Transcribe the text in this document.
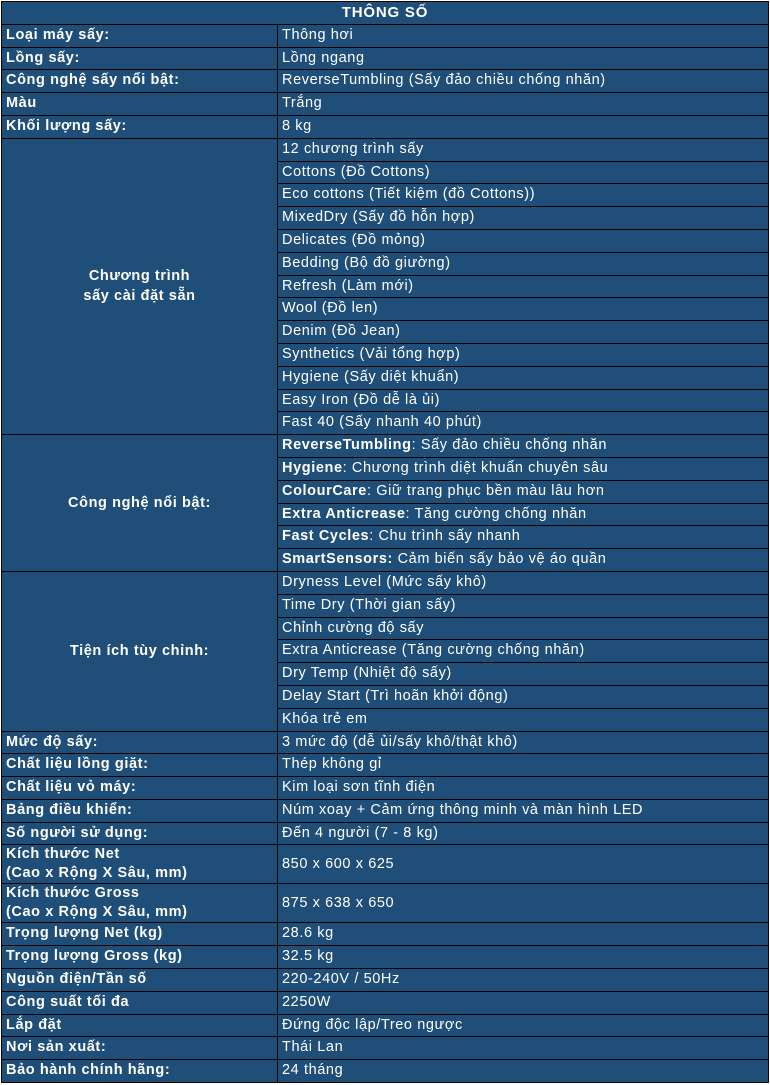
THÔNG SỐ	
Loại máy sấy:	Thông hơi
Lồng sấy:	Lồng ngang
Công nghệ sấy nổi bật:	ReverseTumbling (Sấy đảo chiều chống nhăn)
Màu	Trắng
Khối lượng sấy:	8 kg

Chương trình
sấy cài đặt sẵn	12 chương trình sấy
	Cottons (Đồ Cottons)
	Eco cottons (Tiết kiệm (đồ Cottons))
	MixedDry (Sấy đồ hỗn hợp)
	Delicates (Đồ mỏng)
	Bedding (Bộ đồ giường)
	Refresh (Làm mới)
	Wool (Đồ len)
	Denim (Đồ Jean)
	Synthetics (Vải tổng hợp)
	Hygiene (Sấy diệt khuẩn)
	Easy Iron (Đồ dễ là ủi)
	Fast 40 (Sấy nhanh 40 phút)
Công nghệ nổi bật:	ReverseTumbling: Sấy đảo chiều chống nhăn
	Hygiene: Chương trình diệt khuẩn chuyên sâu
	ColourCare: Giữ trang phục bền màu lâu hơn
	Extra Anticrease: Tăng cường chống nhăn
	Fast Cycles: Chu trình sấy nhanh
	SmartSensors: Cảm biến sấy bảo vệ áo quần
Tiện ích tùy chỉnh:	Dryness Level (Mức sấy khô)
	Time Dry (Thời gian sấy)
	Chỉnh cường độ sấy
	Extra Anticrease (Tăng cường chống nhăn)
	Dry Temp (Nhiệt độ sấy)
	Delay Start (Trì hoãn khởi động)
	Khóa trẻ em
Mức độ sấy:	3 mức độ (dễ ủi/sấy khô/thật khô)
Chất liệu lồng giặt:	Thép không gỉ
Chất liệu vỏ máy:	Kim loại sơn tĩnh điện
Bảng điều khiển:	Núm xoay + Cảm ứng thông minh và màn hình LED
Số người sử dụng:	Đến 4 người (7 - 8 kg)

Kích thước Net
(Cao x Rộng X Sâu, mm)	850 x 600 x 625

Kích thước Gross
(Cao x Rộng X Sâu, mm)	875 x 638 x 650
Trọng lượng Net (kg)	28.6 kg
Trọng lượng Gross (kg)	32.5 kg
Nguồn điện/Tần số	220-240V / 50Hz
Công suất tối đa	2250W
Lắp đặt	Đứng độc lập/Treo ngược
Nơi sản xuất:	Thái Lan
Bảo hành chính hãng:	24 tháng
